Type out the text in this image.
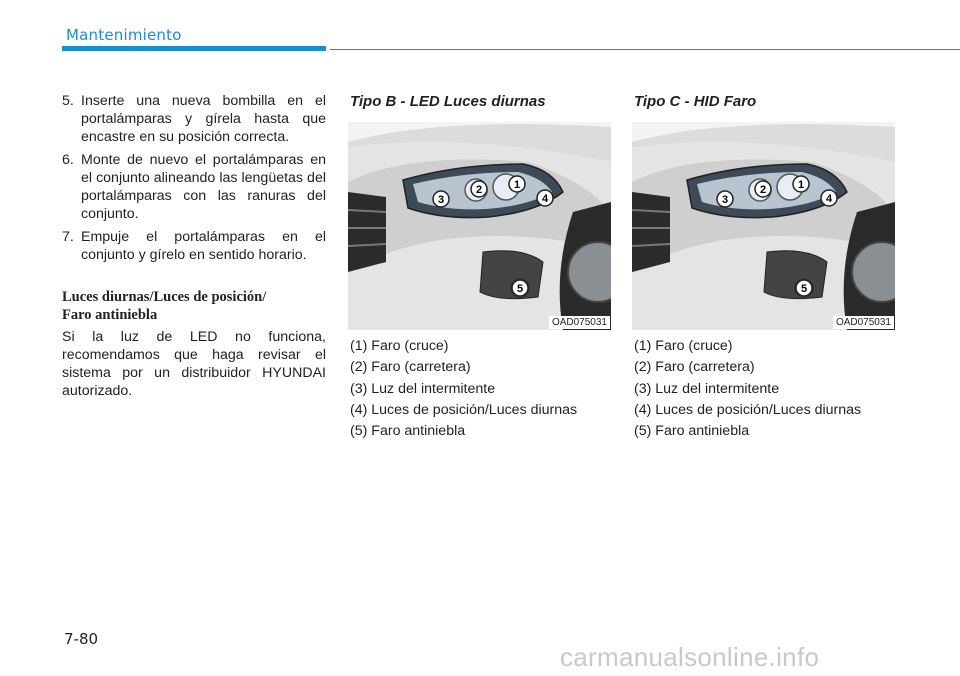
Mantenimiento
5. Inserte una nueva bombilla en el portalámparas y gírela hasta que encastre en su posición correcta.
6. Monte de nuevo el portalámparas en el conjunto alineando las lengüetas del portalámparas con las ranuras del conjunto.
7. Empuje el portalámparas en el conjunto y gírelo en sentido horario.
Luces diurnas/Luces de posición/
Faro antiniebla
Si la luz de LED no funciona, recomendamos que haga revisar el sistema por un distribuidor HYUNDAI autorizado.
Tipo B - LED Luces diurnas
1
2
3	4
5
OAD075031
(1) Faro (cruce)
(2) Faro (carretera)
(3) Luz del intermitente
(4) Luces de posición/Luces diurnas
(5) Faro antiniebla
Tipo C - HID Faro
1
2
3	4
5
OAD075031
(1) Faro (cruce)
(2) Faro (carretera)
(3) Luz del intermitente
(4) Luces de posición/Luces diurnas
(5) Faro antiniebla
7-80
carmanualsonline.info
